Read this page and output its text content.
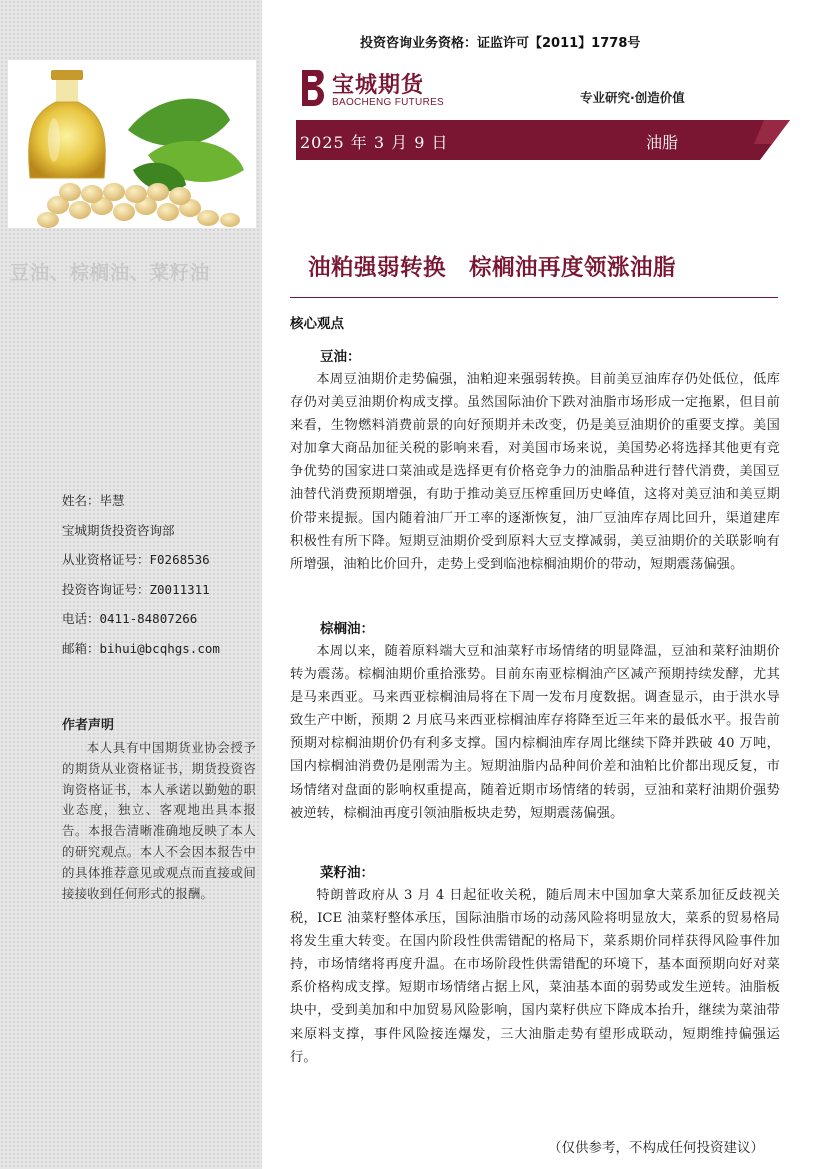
豆油、棕榈油、菜籽油
姓名：毕慧
宝城期货投资咨询部
从业资格证号：F0268536
投资咨询证号：Z0011311
电话：0411-84807266
邮箱：bihui@bcqhgs.com
作者声明
本人具有中国期货业协会授予的期货从业资格证书，期货投资咨询资格证书，本人承诺以勤勉的职业态度，独立、客观地出具本报告。本报告清晰准确地反映了本人的研究观点。本人不会因本报告中的具体推荐意见或观点而直接或间接接收到任何形式的报酬。
投资咨询业务资格：证监许可【2011】1778号
宝城期货
BAOCHENG FUTURES	专业研究·创造价值
2025 年 3 月 9 日	油脂
油粕强弱转换　棕榈油再度领涨油脂
核心观点
豆油：

本周豆油期价走势偏强，油粕迎来强弱转换。目前美豆油库存仍处低位，低库存仍对美豆油期价构成支撑。虽然国际油价下跌对油脂市场形成一定拖累，但目前来看，生物燃料消费前景的向好预期并未改变，仍是美豆油期价的重要支撑。美国对加拿大商品加征关税的影响来看，对美国市场来说，美国势必将选择其他更有竞争优势的国家进口菜油或是选择更有价格竞争力的油脂品种进行替代消费，美国豆油替代消费预期增强，有助于推动美豆压榨重回历史峰值，这将对美豆油和美豆期价带来提振。国内随着油厂开工率的逐渐恢复，油厂豆油库存周比回升，渠道建库积极性有所下降。短期豆油期价受到原料大豆支撑减弱，美豆油期价的关联影响有所增强，油粕比价回升，走势上受到临池棕榈油期价的带动，短期震荡偏强。

棕榈油：

本周以来，随着原料端大豆和油菜籽市场情绪的明显降温，豆油和菜籽油期价转为震荡。棕榈油期价重拾涨势。目前东南亚棕榈油产区减产预期持续发酵，尤其是马来西亚。马来西亚棕榈油局将在下周一发布月度数据。调查显示，由于洪水导致生产中断，预期 2 月底马来西亚棕榈油库存将降至近三年来的最低水平。报告前预期对棕榈油期价仍有利多支撑。国内棕榈油库存周比继续下降并跌破 40 万吨，国内棕榈油消费仍是刚需为主。短期油脂内品种间价差和油粕比价都出现反复，市场情绪对盘面的影响权重提高，随着近期市场情绪的转弱，豆油和菜籽油期价强势被逆转，棕榈油再度引领油脂板块走势，短期震荡偏强。

菜籽油：

特朗普政府从 3 月 4 日起征收关税，随后周末中国加拿大菜系加征反歧视关税，ICE 油菜籽整体承压，国际油脂市场的动荡风险将明显放大，菜系的贸易格局将发生重大转变。在国内阶段性供需错配的格局下，菜系期价同样获得风险事件加持，市场情绪将再度升温。在市场阶段性供需错配的环境下，基本面预期向好对菜系价格构成支撑。短期市场情绪占据上风，菜油基本面的弱势或发生逆转。油脂板块中，受到美加和中加贸易风险影响，国内菜籽供应下降成本抬升，继续为菜油带来原料支撑，事件风险接连爆发，三大油脂走势有望形成联动，短期维持偏强运行。

（仅供参考，不构成任何投资建议）
